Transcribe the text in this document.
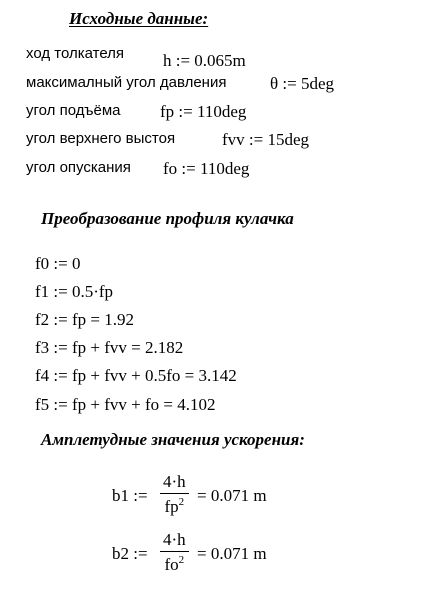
Исходные данные:
ход толкателя h := 0.065m
максималный угол давления	θ := 5deg
угол подъёма fp := 110deg
угол верхнего выстоя	fvv := 15deg
угол опускания fo := 110deg
Преобразование профиля кулачка
f0 := 0
f1 := 0.5·fp
f2 := fp = 1.92
f3 := fp + fvv = 2.182
f4 := fp + fvv + 0.5fo = 3.142
f5 := fp + fvv + fo = 4.102
Амплетудные значения ускорения:
b1 :=
4·h
$fp^2 = 0.071$ m
b2 :=
4·h
$fo^2 = 0.071$ m
